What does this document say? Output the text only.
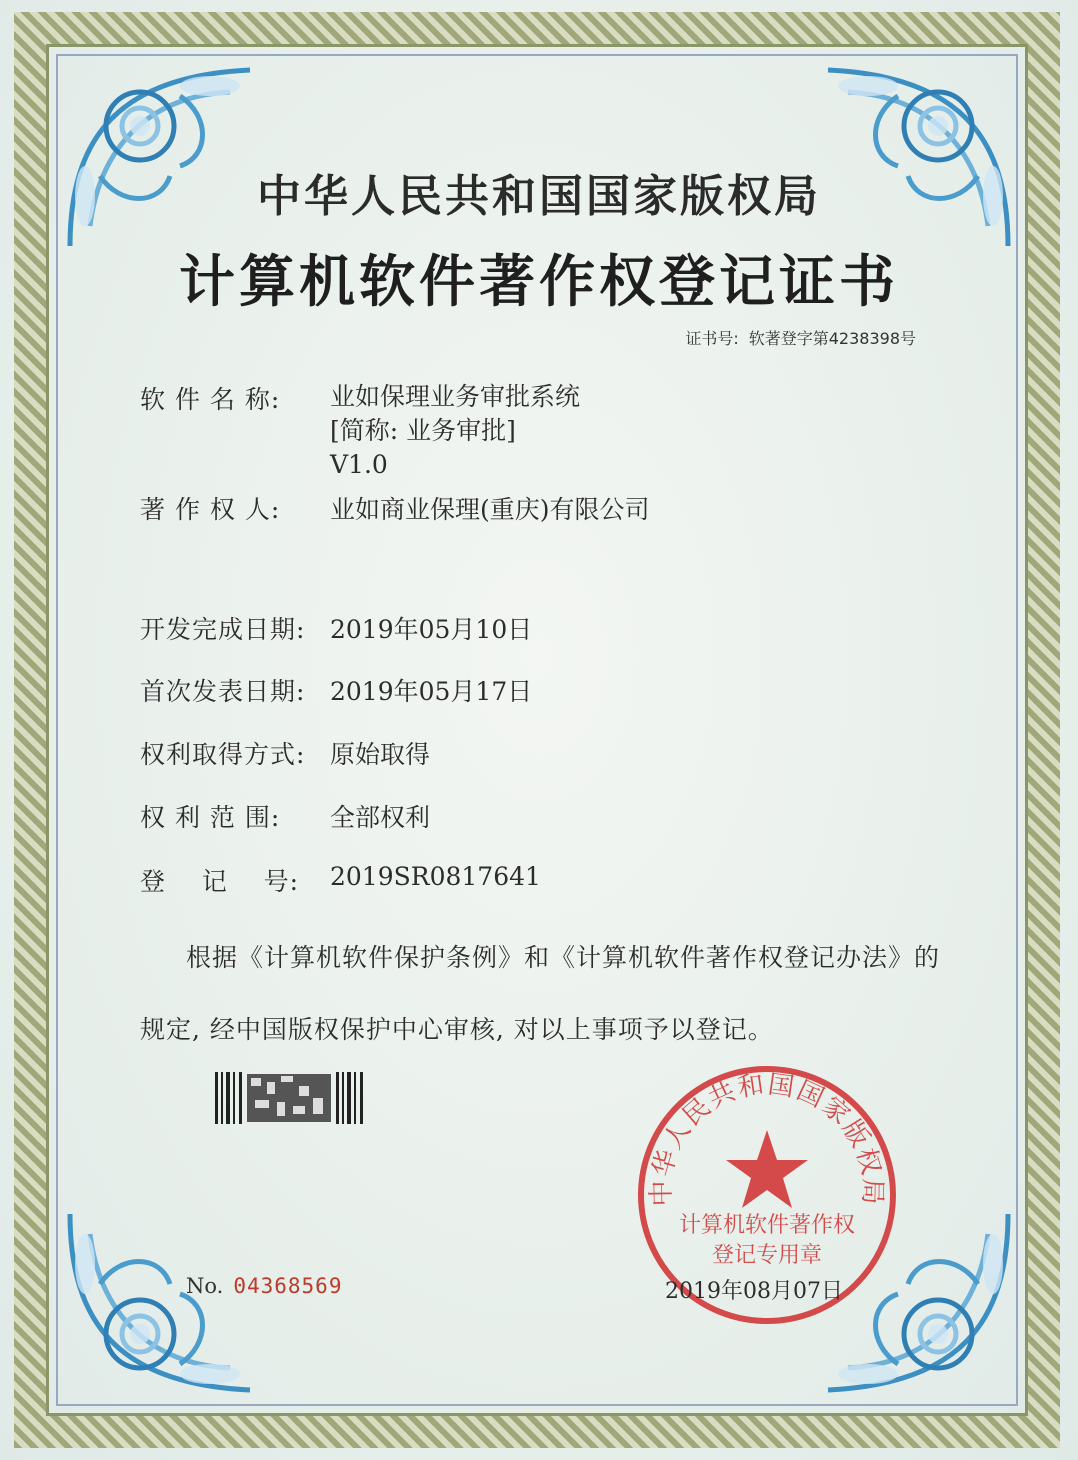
中华人民共和国国家版权局
计算机软件著作权登记证书
证书号: 软著登字第4238398号
软 件 名 称: 业如保理业务审批系统
[简称: 业务审批]
V1.0
著 作 权 人: 业如商业保理(重庆)有限公司
开发完成日期: 2019年05月10日
首次发表日期: 2019年05月17日
权利取得方式: 原始取得
权 利 范 围: 全部权利
登    记    号: 2019SR0817641
根据《计算机软件保护条例》和《计算机软件著作权登记办法》的
规定, 经中国版权保护中心审核, 对以上事项予以登记。
中华人民共和国国家版权局
计算机软件著作权
登记专用章
No. 04368569	2019年08月07日
